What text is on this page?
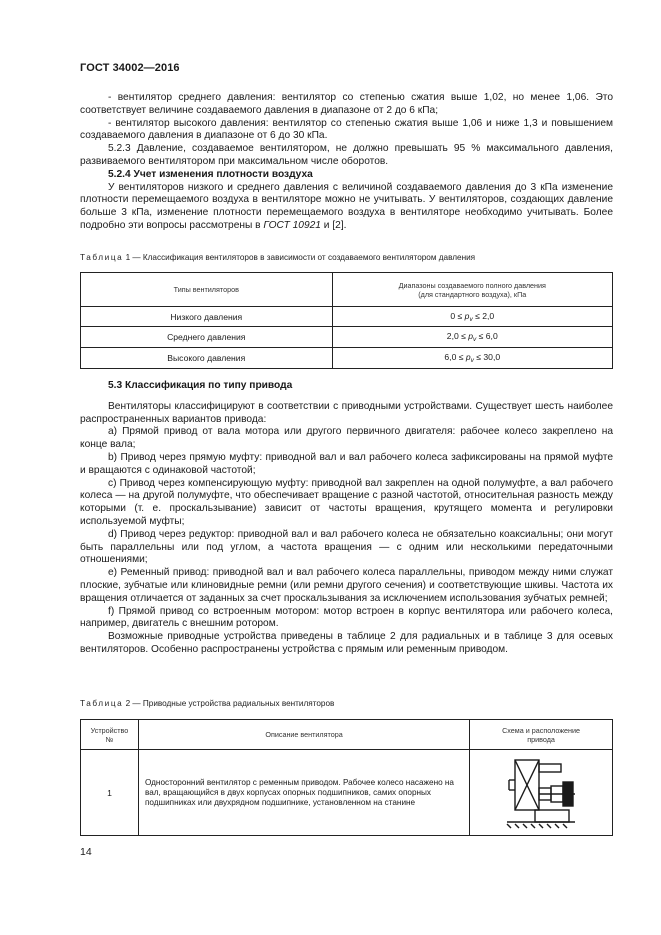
ГОСТ 34002—2016

- вентилятор среднего давления: вентилятор со степенью сжатия выше 1,02, но менее 1,06. Это соответствует величине создаваемого давления в диапазоне от 2 до 6 кПа;

- вентилятор высокого давления: вентилятор со степенью сжатия выше 1,06 и ниже 1,3 и повышением создаваемого давления в диапазоне от 6 до 30 кПа.

5.2.3 Давление, создаваемое вентилятором, не должно превышать 95 % максимального давления, развиваемого вентилятором при максимальном числе оборотов.

5.2.4 Учет изменения плотности воздуха

У вентиляторов низкого и среднего давления с величиной создаваемого давления до 3 кПа изменение плотности перемещаемого воздуха в вентиляторе можно не учитывать. У вентиляторов, создающих давление больше 3 кПа, изменение плотности перемещаемого воздуха в вентиляторе необходимо учитывать. Более подробно эти вопросы рассмотрены в ГОСТ 10921 и [2].

Таблица 1 — Классификация вентиляторов в зависимости от создаваемого вентилятором давления
Типы вентиляторов	Диапазоны создаваемого полного давления
(для стандартного воздуха), кПа
Низкого давления	$0 \le p_v \le 2,0$
Среднего давления	$2,0 \le p_v \le 6,0$
Высокого давления	$6,0 \le p_v \le 30,0$

5.3 Классификация по типу привода

Вентиляторы классифицируют в соответствии с приводными устройствами. Существует шесть наиболее распространенных вариантов привода:

а) Прямой привод от вала мотора или другого первичного двигателя: рабочее колесо закреплено на конце вала;

b) Привод через прямую муфту: приводной вал и вал рабочего колеса зафиксированы на прямой муфте и вращаются с одинаковой частотой;

с) Привод через компенсирующую муфту: приводной вал закреплен на одной полумуфте, а вал рабочего колеса — на другой полумуфте, что обеспечивает вращение с разной частотой, относительная разность между которыми (т. е. проскальзывание) зависит от частоты вращения, крутящего момента и регулировки используемой муфты;

d) Привод через редуктор: приводной вал и вал рабочего колеса не обязательно коаксиальны; они могут быть параллельны или под углом, а частота вращения — с одним или несколькими передаточными отношениями;

е) Ременный привод: приводной вал и вал рабочего колеса параллельны, приводом между ними служат плоские, зубчатые или клиновидные ремни (или ремни другого сечения) и соответствующие шкивы. Частота их вращения отличается от заданных за счет проскальзывания за исключением использования зубчатых ремней;

f) Прямой привод со встроенным мотором: мотор встроен в корпус вентилятора или рабочего колеса, например, двигатель с внешним ротором.

Возможные приводные устройства приведены в таблице 2 для радиальных и в таблице 3 для осевых вентиляторов. Особенно распространены устройства с прямым или ременным приводом.

Таблица 2 — Приводные устройства радиальных вентиляторов
Устройство
№	Описание вентилятора	Схема и расположение
привода
1	Односторонний вентилятор с ременным приводом. Рабочее колесо насажено на вал, вращающийся в двух корпусах опорных подшипников, самих опорных подшипниках или двухрядном подшипнике, установленном на станине	
14
